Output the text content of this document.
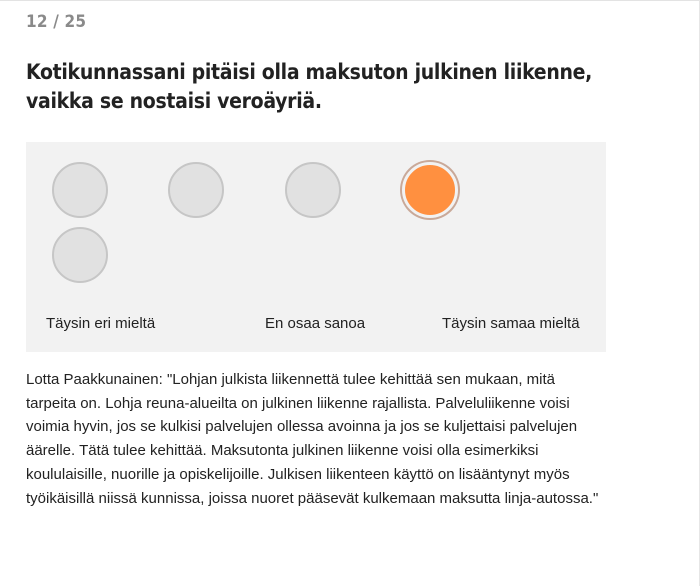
12 / 25
Kotikunnassani pitäisi olla maksuton julkinen liikenne, vaikka se nostaisi veroäyriä.
Täysin eri mieltä	En osaa sanoa	Täysin samaa mieltä

Lotta Paakkunainen: "Lohjan julkista liikennettä tulee kehittää sen mukaan, mitä tarpeita on. Lohja reuna-alueilta on julkinen liikenne rajallista. Palveluliikenne voisi voimia hyvin, jos se kulkisi palvelujen ollessa avoinna ja jos se kuljettaisi palvelujen äärelle. Tätä tulee kehittää. Maksutonta julkinen liikenne voisi olla esimerkiksi koululaisille, nuorille ja opiskelijoille. Julkisen liikenteen käyttö on lisääntynyt myös työikäisillä niissä kunnissa, joissa nuoret pääsevät kulkemaan maksutta linja-autossa."
